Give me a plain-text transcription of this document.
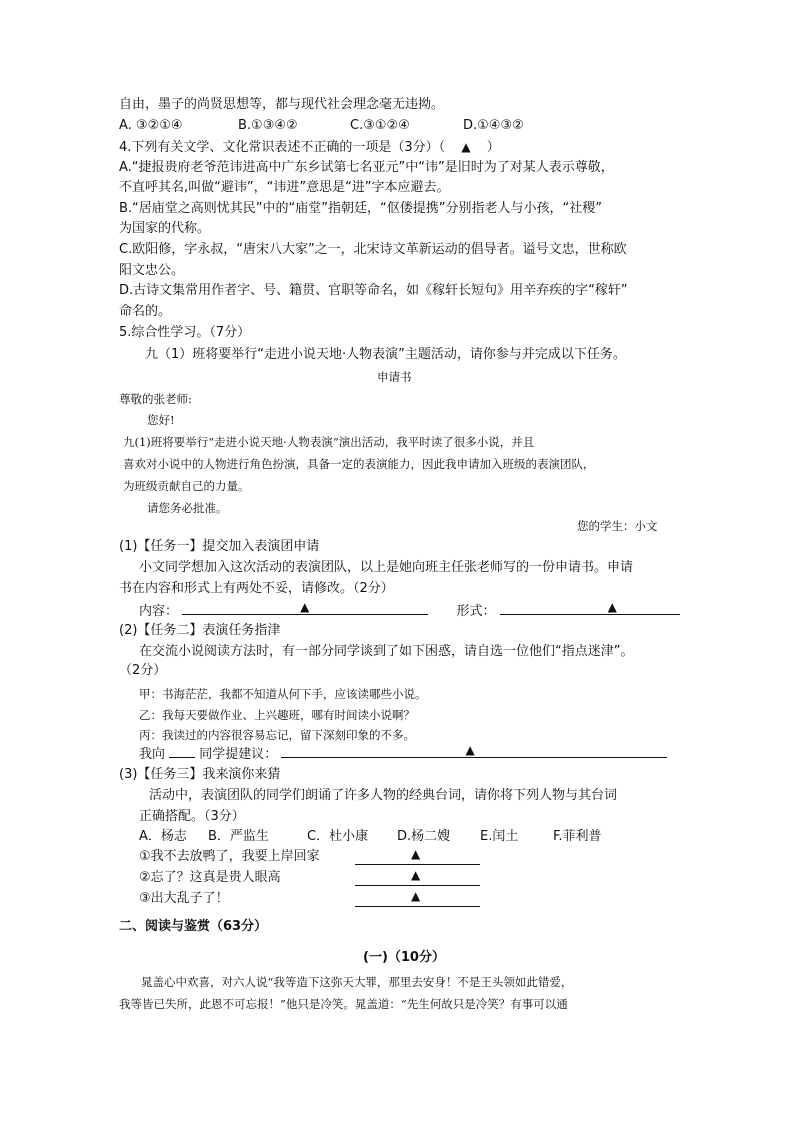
自由，墨子的尚贤思想等，都与现代社会理念毫无违拗。
A. ③②①④	B.①③④②	C.③①②④	D.①④③②
4.下列有关文学、文化常识表述不正确的一项是（3分）（ ▲ ）
A.“捷报贵府老爷范讳进高中广东乡试第七名亚元”中“讳”是旧时为了对某人表示尊敬，
不直呼其名,叫做“避讳”，“讳进”意思是“进”字本应避去。
B.“居庙堂之高则忧其民”中的“庙堂”指朝廷，“伛偻提携”分别指老人与小孩，“社稷”
为国家的代称。
C.欧阳修，字永叔，“唐宋八大家”之一，北宋诗文革新运动的倡导者。谥号文忠，世称欧
阳文忠公。
D.古诗文集常用作者字、号、籍贯、官职等命名，如《稼轩长短句》用辛弃疾的字“稼轩”
命名的。
5.综合性学习。（7分）
九（1）班将要举行“走进小说天地·人物表演”主题活动，请你参与并完成以下任务。
申请书
尊敬的张老师:
您好!
九(1)班将要举行“走进小说天地·人物表演”演出活动，我平时读了很多小说，并且
喜欢对小说中的人物进行角色扮演，具备一定的表演能力，因此我申请加入班级的表演团队，
为班级贡献自己的力量。
请您务必批准。
您的学生：小文
(1)【任务一】提交加入表演团申请
小文同学想加入这次活动的表演团队，以上是她向班主任张老师写的一份申请书。申请
书在内容和形式上有两处不妥，请修改。（2分）
内容：	▲	形式：	▲
(2)【任务二】表演任务指津
在交流小说阅读方法时，有一部分同学谈到了如下困惑，请自选一位他们“指点迷津”。
（2分）
甲：书海茫茫，我都不知道从何下手，应该读哪些小说。
乙：我每天要做作业、上兴趣班，哪有时间读小说啊？
丙：我读过的内容很容易忘记，留下深刻印象的不多。
我向	同学提建议：	▲
(3)【任务三】我来演你来猜
活动中，表演团队的同学们朗诵了许多人物的经典台词，请你将下列人物与其台词
正确搭配。（3分）
A．杨志 B．严监生	C．杜小康 D.杨二嫂 E.闰土	F.菲利普
①我不去放鸭了，我要上岸回家	▲
②忘了？这真是贵人眼高	▲
③出大乱子了！	▲
二、阅读与鉴赏（63分）
(一)（10分）
晁盖心中欢喜，对六人说“我等造下这弥天大罪，那里去安身！不是王头领如此错爱，
我等皆已失所，此恩不可忘报！”他只是冷笑。晁盖道：“先生何故只是冷笑？有事可以通
